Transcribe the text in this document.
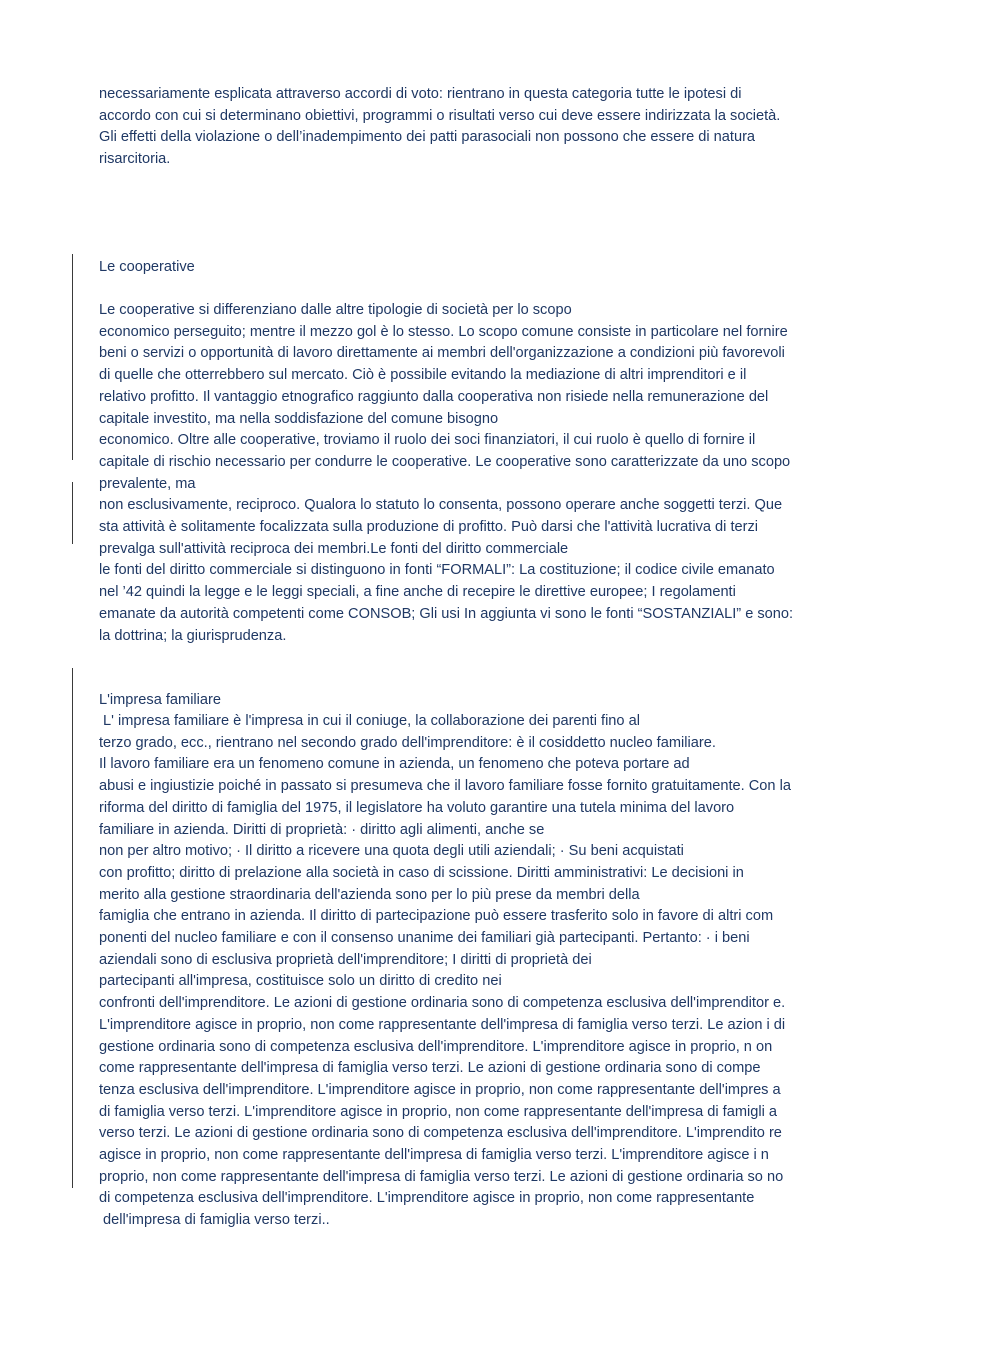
necessariamente esplicata attraverso accordi di voto: rientrano in questa categoria tutte le ipotesi di
accordo con cui si determinano obiettivi, programmi o risultati verso cui deve essere indirizzata la società.
Gli effetti della violazione o dell’inadempimento dei patti parasociali non possono che essere di natura
risarcitoria.

Le cooperative

Le cooperative si differenziano dalle altre tipologie di società per lo scopo
economico perseguito; mentre il mezzo gol è lo stesso. Lo scopo comune consiste in particolare nel fornire
beni o servizi o opportunità di lavoro direttamente ai membri dell'organizzazione a condizioni più favorevoli
di quelle che otterrebbero sul mercato. Ciò è possibile evitando la mediazione di altri imprenditori e il
relativo profitto. Il vantaggio etnografico raggiunto dalla cooperativa non risiede nella remunerazione del
capitale investito, ma nella soddisfazione del comune bisogno
economico. Oltre alle cooperative, troviamo il ruolo dei soci finanziatori, il cui ruolo è quello di fornire il
capitale di rischio necessario per condurre le cooperative. Le cooperative sono caratterizzate da uno scopo
prevalente, ma
non esclusivamente, reciproco. Qualora lo statuto lo consenta, possono operare anche soggetti terzi. Que
sta attività è solitamente focalizzata sulla produzione di profitto. Può darsi che l'attività lucrativa di terzi
prevalga sull'attività reciproca dei membri.Le fonti del diritto commerciale
le fonti del diritto commerciale si distinguono in fonti “FORMALI”: La costituzione; il codice civile emanato
nel ’42 quindi la legge e le leggi speciali, a fine anche di recepire le direttive europee; I regolamenti
emanate da autorità competenti come CONSOB; Gli usi In aggiunta vi sono le fonti “SOSTANZIALI” e sono:
la dottrina; la giurisprudenza.

L'impresa familiare

L' impresa familiare è l'impresa in cui il coniuge, la collaborazione dei parenti fino al
terzo grado, ecc., rientrano nel secondo grado dell'imprenditore: è il cosiddetto nucleo familiare.
Il lavoro familiare era un fenomeno comune in azienda, un fenomeno che poteva portare ad
abusi e ingiustizie poiché in passato si presumeva che il lavoro familiare fosse fornito gratuitamente. Con la
riforma del diritto di famiglia del 1975, il legislatore ha voluto garantire una tutela minima del lavoro
familiare in azienda. Diritti di proprietà: · diritto agli alimenti, anche se
non per altro motivo; · Il diritto a ricevere una quota degli utili aziendali; · Su beni acquistati
con profitto; diritto di prelazione alla società in caso di scissione. Diritti amministrativi: Le decisioni in
merito alla gestione straordinaria dell'azienda sono per lo più prese da membri della
famiglia che entrano in azienda. Il diritto di partecipazione può essere trasferito solo in favore di altri com
ponenti del nucleo familiare e con il consenso unanime dei familiari già partecipanti. Pertanto: · i beni
aziendali sono di esclusiva proprietà dell'imprenditore; I diritti di proprietà dei
partecipanti all'impresa, costituisce solo un diritto di credito nei
confronti dell'imprenditore. Le azioni di gestione ordinaria sono di competenza esclusiva dell'imprenditor e.
L'imprenditore agisce in proprio, non come rappresentante dell'impresa di famiglia verso terzi. Le azion i di
gestione ordinaria sono di competenza esclusiva dell'imprenditore. L'imprenditore agisce in proprio, n on
come rappresentante dell'impresa di famiglia verso terzi. Le azioni di gestione ordinaria sono di compe
tenza esclusiva dell'imprenditore. L'imprenditore agisce in proprio, non come rappresentante dell'impres a
di famiglia verso terzi. L'imprenditore agisce in proprio, non come rappresentante dell'impresa di famigli a
verso terzi. Le azioni di gestione ordinaria sono di competenza esclusiva dell'imprenditore. L'imprendito re
agisce in proprio, non come rappresentante dell'impresa di famiglia verso terzi. L'imprenditore agisce i n
proprio, non come rappresentante dell'impresa di famiglia verso terzi. Le azioni di gestione ordinaria so no
di competenza esclusiva dell'imprenditore. L'imprenditore agisce in proprio, non come rappresentante
dell'impresa di famiglia verso terzi..
